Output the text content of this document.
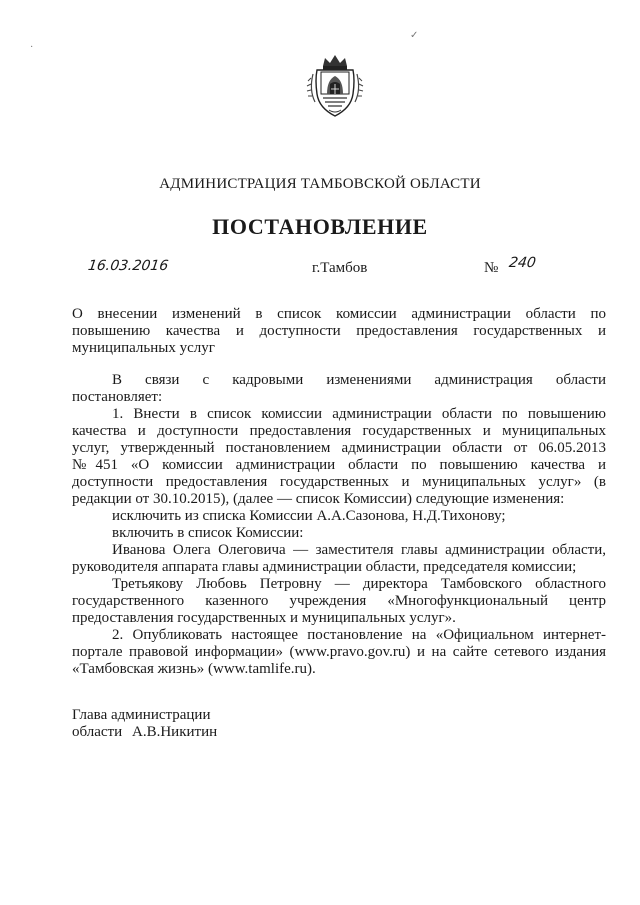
АДМИНИСТРАЦИЯ ТАМБОВСКОЙ ОБЛАСТИ
ПОСТАНОВЛЕНИЕ
16.03.2016	г.Тамбов	№ 240
О внесении изменений в список комиссии администрации области по
повышению качества и доступности предоставления государственных и
муниципальных услуг
В связи с кадровыми изменениями администрация области
постановляет:
1. Внести в список комиссии администрации области по повышению
качества и доступности предоставления государственных и муниципальных
услуг, утвержденный постановлением администрации области от 06.05.2013
№451 «О комиссии администрации области по повышению качества и
доступности предоставления государственных и муниципальных услуг» (в
редакции от 30.10.2015), (далее — список Комиссии) следующие изменения:
исключить из списка Комиссии А.А.Сазонова, Н.Д.Тихонову;
включить в список Комиссии:
Иванова Олега Олеговича — заместителя главы администрации области,
руководителя аппарата главы администрации области, председателя комиссии;
Третьякову Любовь Петровну — директора Тамбовского областного
государственного казенного учреждения «Многофункциональный центр
предоставления государственных и муниципальных услуг».
2. Опубликовать настоящее постановление на «Официальном интернет-
портале правовой информации» (www.pravo.gov.ru) и на сайте сетевого издания
«Тамбовская жизнь» (www.tamlife.ru).
Глава администрации
области А.В.Никитин
✓
·
